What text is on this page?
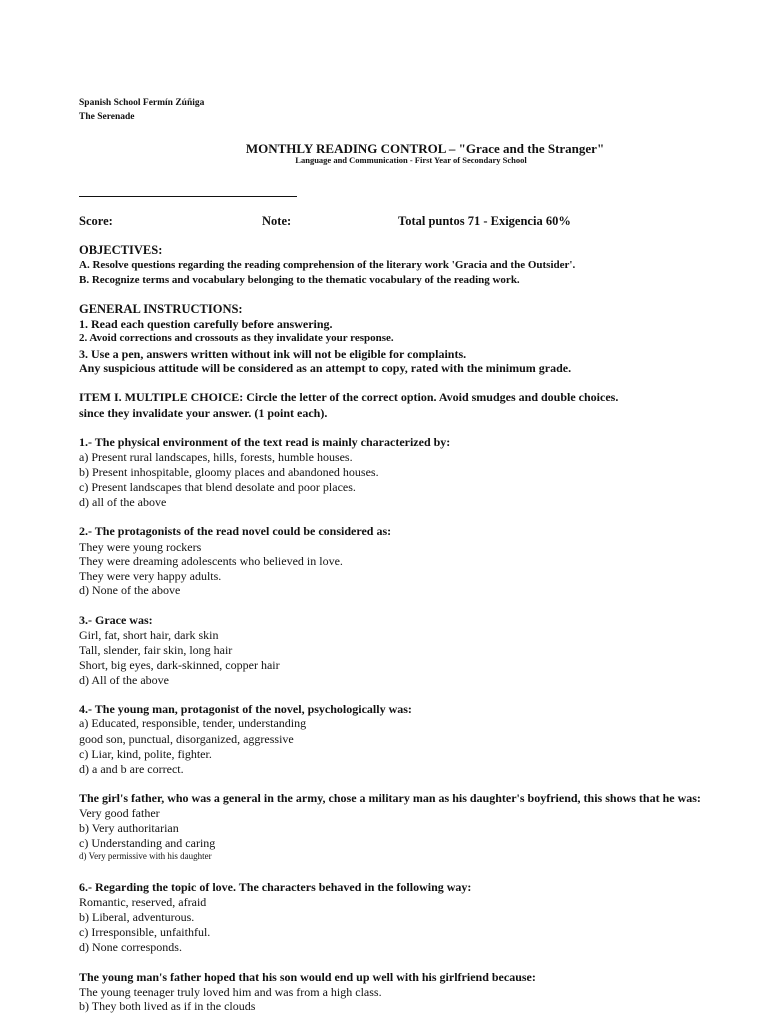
Spanish School Fermín Zúñiga
The Serenade
MONTHLY READING CONTROL – "Grace and the Stranger"
Language and Communication - First Year of Secondary School
Score:	Note:	Total puntos 71 - Exigencia 60%
OBJECTIVES:
A. Resolve questions regarding the reading comprehension of the literary work 'Gracia and the Outsider'.
B. Recognize terms and vocabulary belonging to the thematic vocabulary of the reading work.
GENERAL INSTRUCTIONS:
1. Read each question carefully before answering.
2. Avoid corrections and crossouts as they invalidate your response.
3. Use a pen, answers written without ink will not be eligible for complaints.
Any suspicious attitude will be considered as an attempt to copy, rated with the minimum grade.
ITEM I. MULTIPLE CHOICE: Circle the letter of the correct option. Avoid smudges and double choices.
since they invalidate your answer. (1 point each).
1.- The physical environment of the text read is mainly characterized by:
a) Present rural landscapes, hills, forests, humble houses.
b) Present inhospitable, gloomy places and abandoned houses.
c) Present landscapes that blend desolate and poor places.
d) all of the above
2.- The protagonists of the read novel could be considered as:
They were young rockers
They were dreaming adolescents who believed in love.
They were very happy adults.
d) None of the above
3.- Grace was:
Girl, fat, short hair, dark skin
Tall, slender, fair skin, long hair
Short, big eyes, dark-skinned, copper hair
d) All of the above
4.- The young man, protagonist of the novel, psychologically was:
a) Educated, responsible, tender, understanding
good son, punctual, disorganized, aggressive
c) Liar, kind, polite, fighter.
d) a and b are correct.
The girl's father, who was a general in the army, chose a military man as his daughter's boyfriend, this shows that he was:
Very good father
b) Very authoritarian
c) Understanding and caring
d) Very permissive with his daughter
6.- Regarding the topic of love. The characters behaved in the following way:
Romantic, reserved, afraid
b) Liberal, adventurous.
c) Irresponsible, unfaithful.
d) None corresponds.
The young man's father hoped that his son would end up well with his girlfriend because:
The young teenager truly loved him and was from a high class.
b) They both lived as if in the clouds
